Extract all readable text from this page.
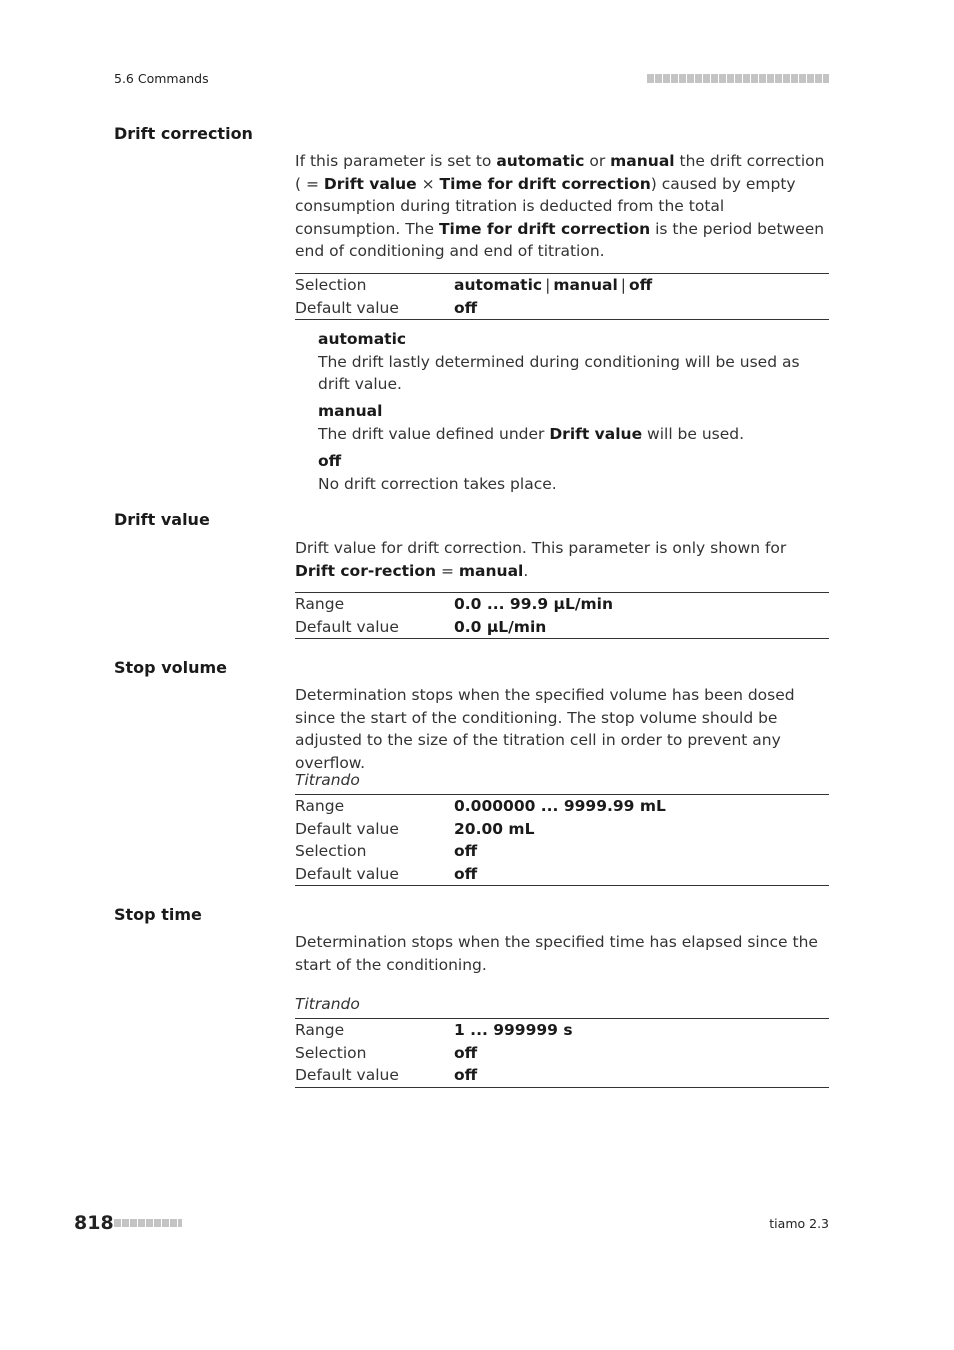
5.6 Commands
Drift correction
If this parameter is set to automatic or manual the drift correction ( = Drift value × Time for drift correction) caused by empty consumption during titration is deducted from the total consumption. The Time for drift correction is the period between end of conditioning and end of titration.
Selection	automatic | manual | off
Default value	off
automatic
The drift lastly determined during conditioning will be used as drift value.
manual
The drift value defined under Drift value will be used.
off
No drift correction takes place.
Drift value
Drift value for drift correction. This parameter is only shown for Drift cor-rection = manual.
Range	0.0 ... 99.9 µL/min
Default value	0.0 µL/min
Stop volume
Determination stops when the specified volume has been dosed since the start of the conditioning. The stop volume should be adjusted to the size of the titration cell in order to prevent any overflow.
Titrando
Range	0.000000 ... 9999.99 mL
Default value	20.00 mL
Selection	off
Default value	off
Stop time
Determination stops when the specified time has elapsed since the start of the conditioning.
Titrando
Range	1 ... 999999 s
Selection	off
Default value	off
818	tiamo 2.3
